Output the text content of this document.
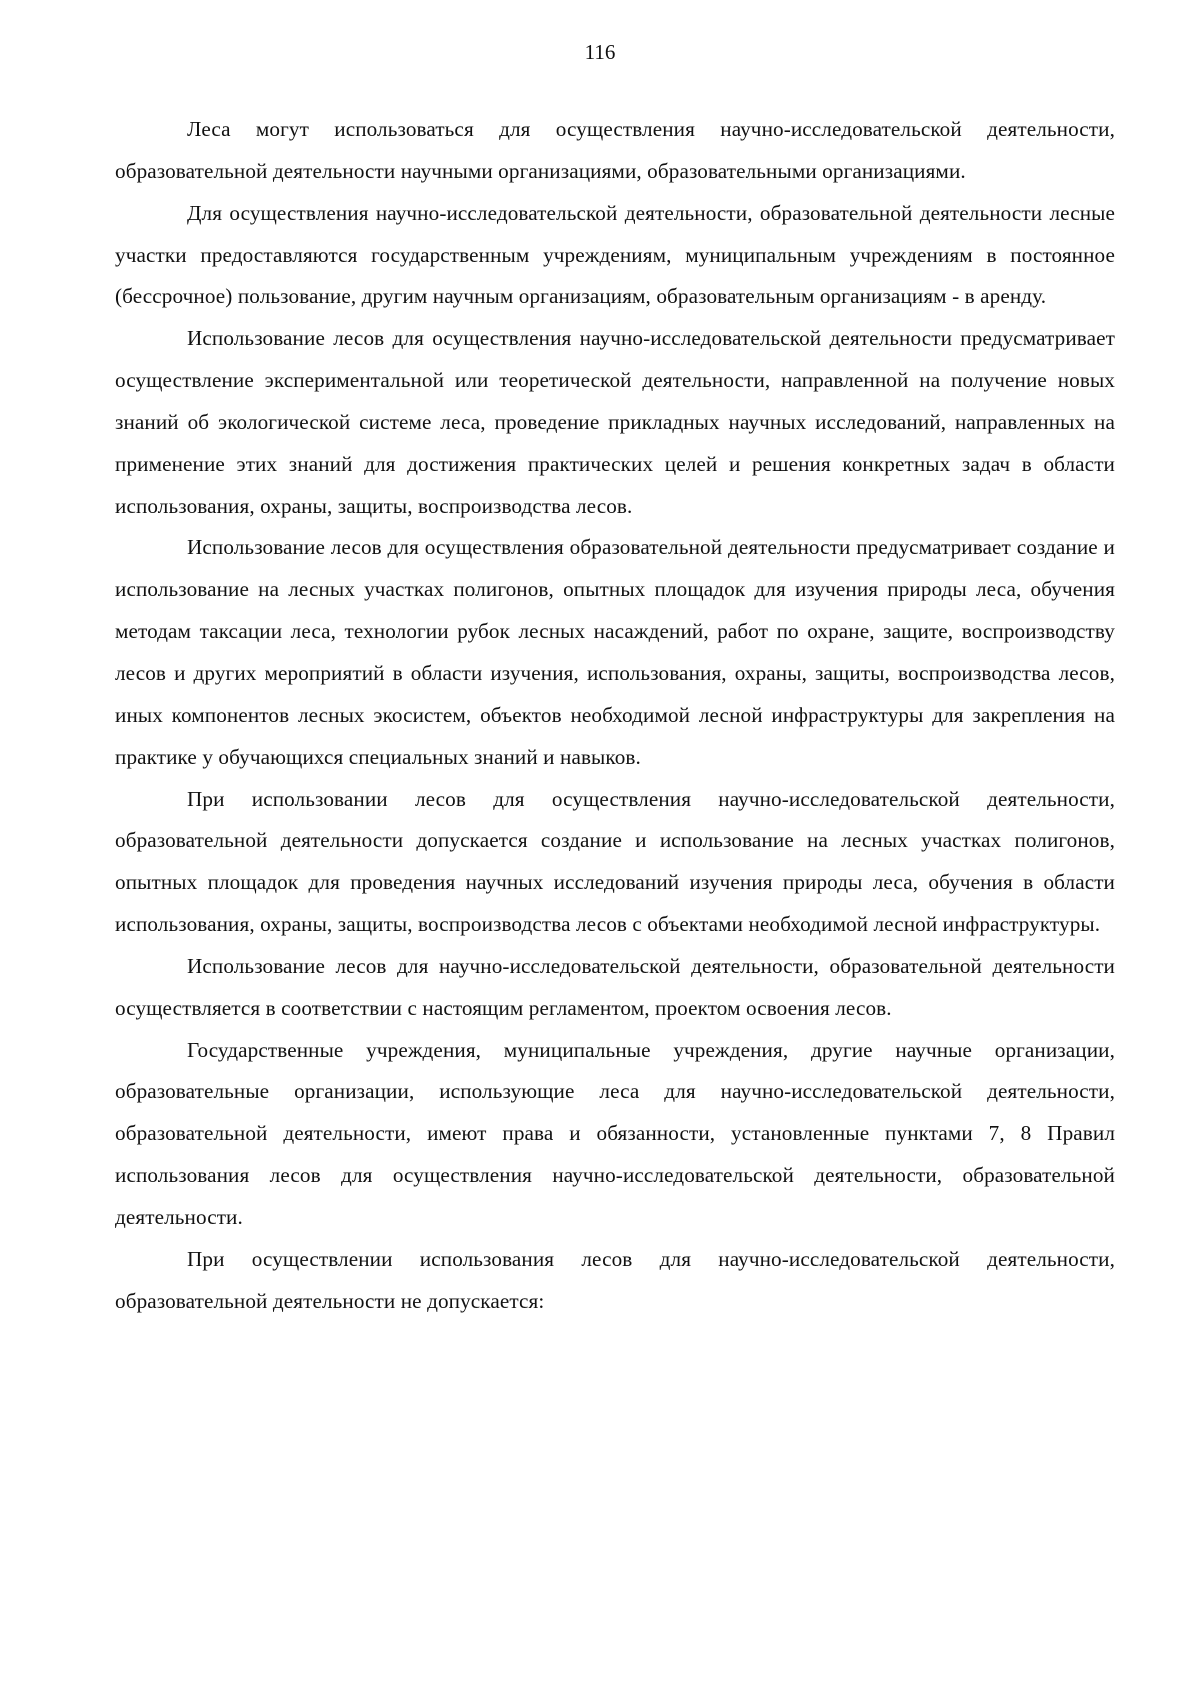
116

Леса могут использоваться для осуществления научно-исследовательской деятельности, образовательной деятельности научными организациями, образовательными организациями.

Для осуществления научно-исследовательской деятельности, образовательной деятельности лесные участки предоставляются государственным учреждениям, муниципальным учреждениям в постоянное (бессрочное) пользование, другим научным организациям, образовательным организациям - в аренду.

Использование лесов для осуществления научно-исследовательской деятельности предусматривает осуществление экспериментальной или теоретической деятельности, направленной на получение новых знаний об экологической системе леса, проведение прикладных научных исследований, направленных на применение этих знаний для достижения практических целей и решения конкретных задач в области использования, охраны, защиты, воспроизводства лесов.

Использование лесов для осуществления образовательной деятельности предусматривает создание и использование на лесных участках полигонов, опытных площадок для изучения природы леса, обучения методам таксации леса, технологии рубок лесных насаждений, работ по охране, защите, воспроизводству лесов и других мероприятий в области изучения, использования, охраны, защиты, воспроизводства лесов, иных компонентов лесных экосистем, объектов необходимой лесной инфраструктуры для закрепления на практике у обучающихся специальных знаний и навыков.

При использовании лесов для осуществления научно-исследовательской деятельности, образовательной деятельности допускается создание и использование на лесных участках полигонов, опытных площадок для проведения научных исследований изучения природы леса, обучения в области использования, охраны, защиты, воспроизводства лесов с объектами необходимой лесной инфраструктуры.

Использование лесов для научно-исследовательской деятельности, образовательной деятельности осуществляется в соответствии с настоящим регламентом, проектом освоения лесов.

Государственные учреждения, муниципальные учреждения, другие научные организации, образовательные организации, использующие леса для научно-исследовательской деятельности, образовательной деятельности, имеют права и обязанности, установленные пунктами 7, 8 Правил использования лесов для осуществления научно-исследовательской деятельности, образовательной деятельности.

При осуществлении использования лесов для научно-исследовательской деятельности, образовательной деятельности не допускается:
